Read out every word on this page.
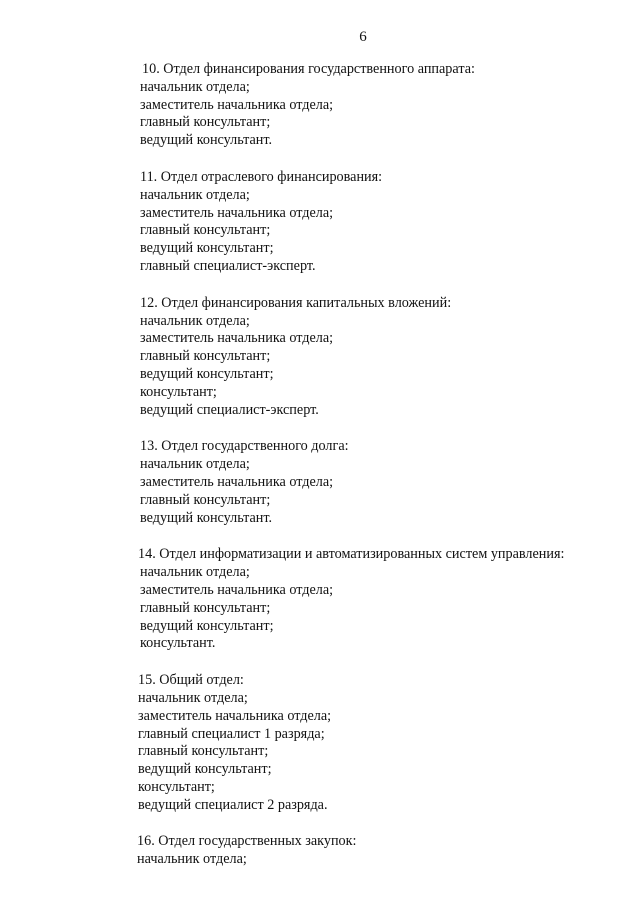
6
10. Отдел финансирования государственного аппарата:
начальник отдела;
заместитель начальника отдела;
главный консультант;
ведущий консультант.
11. Отдел отраслевого финансирования:
начальник отдела;
заместитель начальника отдела;
главный консультант;
ведущий консультант;
главный специалист-эксперт.
12. Отдел финансирования капитальных вложений:
начальник отдела;
заместитель начальника отдела;
главный консультант;
ведущий консультант;
консультант;
ведущий специалист-эксперт.
13. Отдел государственного долга:
начальник отдела;
заместитель начальника отдела;
главный консультант;
ведущий консультант.
14. Отдел информатизации и автоматизированных систем управления:
начальник отдела;
заместитель начальника отдела;
главный консультант;
ведущий консультант;
консультант.
15. Общий отдел:
начальник отдела;
заместитель начальника отдела;
главный специалист 1 разряда;
главный консультант;
ведущий консультант;
консультант;
ведущий специалист 2 разряда.
16. Отдел государственных закупок:
начальник отдела;
